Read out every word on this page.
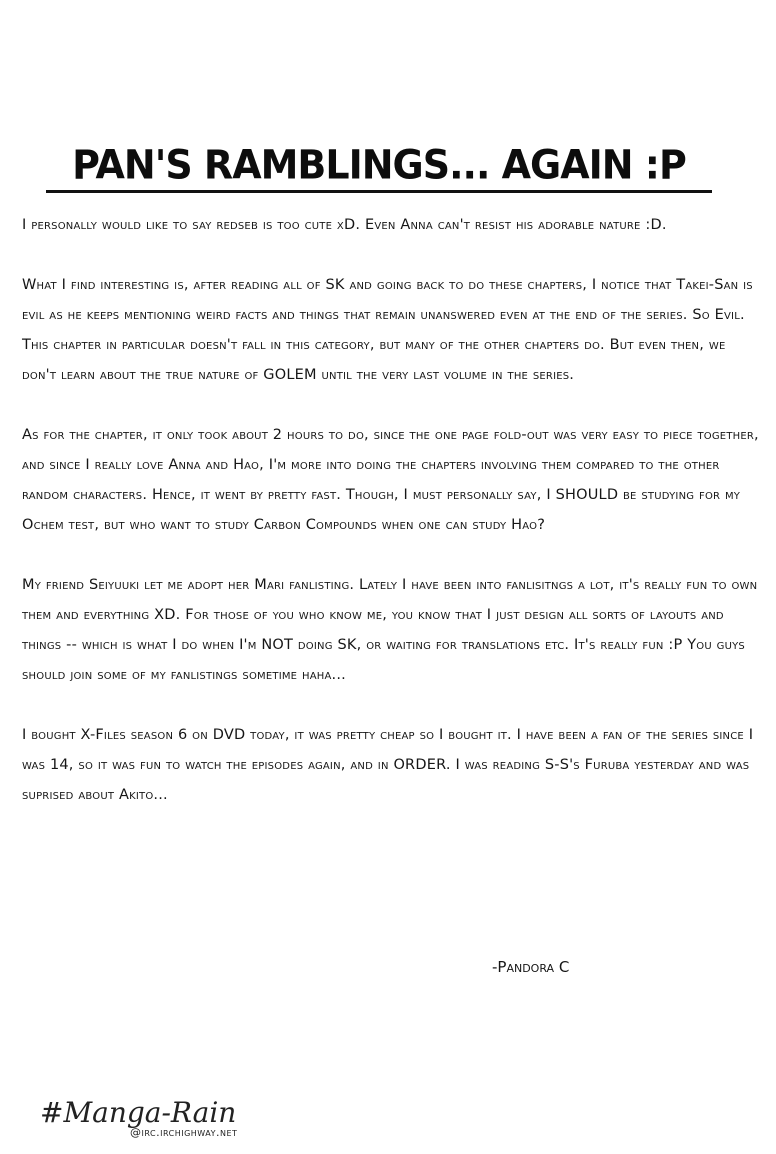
PAN'S RAMBLINGS... AGAIN :P

I personally would like to say redseb is too cute xD. Even Anna can't resist his adorable nature :D.

What I find interesting is, after reading all of SK and going back to do these chapters, I notice that Takei-San is evil as he keeps mentioning weird facts and things that remain unanswered even at the end of the series. So Evil. This chapter in particular doesn't fall in this category, but many of the other chapters do. But even then, we don't learn about the true nature of GOLEM until the very last volume in the series.

As for the chapter, it only took about 2 hours to do, since the one page fold-out was very easy to piece together, and since I really love Anna and Hao, I'm more into doing the chapters involving them compared to the other random characters. Hence, it went by pretty fast. Though, I must personally say, I SHOULD be studying for my Ochem test, but who want to study Carbon Compounds when one can study Hao?

My friend Seiyuuki let me adopt her Mari fanlisting. Lately I have been into fanlisitngs a lot, it's really fun to own them and everything XD. For those of you who know me, you know that I just design all sorts of layouts and things -- which is what I do when I'm NOT doing SK, or waiting for translations etc. It's really fun :P You guys should join some of my fanlistings sometime haha...

I bought X-Files season 6 on DVD today, it was pretty cheap so I bought it. I have been a fan of the series since I was 14, so it was fun to watch the episodes again, and in ORDER. I was reading S-S's Furuba yesterday and was suprised about Akito...

-Pandora C
#Manga-Rain
@irc.irchighway.net
